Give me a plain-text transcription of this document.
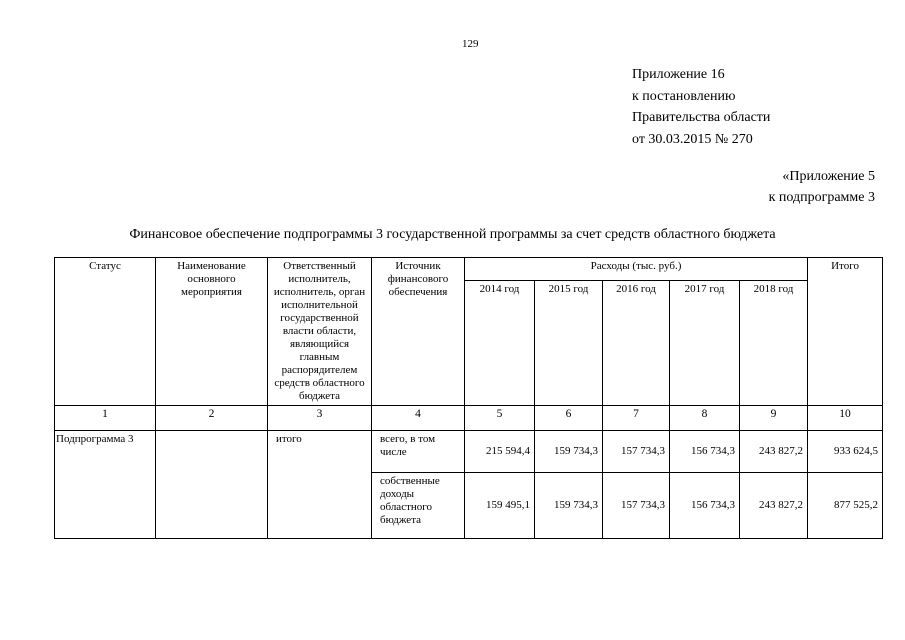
129
Приложение 16
к постановлению
Правительства области
от 30.03.2015 № 270
«Приложение 5
к подпрограмме 3
Финансовое обеспечение подпрограммы 3 государственной программы за счет средств областного бюджета
Статус	Наименование основного мероприятия	Ответственный исполнитель, исполнитель, орган исполнительной государственной власти области, являющийся главным распорядителем средств областного бюджета	Источник финансового обеспечения	Расходы (тыс. руб.)					Итого
				2014 год	2015 год	2016 год	2017 год	2018 год	
1	2	3	4	5	6	7	8	9	10
Подпрограмма 3		итого	всего, в том числе	215 594,4	159 734,3	157 734,3	156 734,3	243 827,2	933 624,5
			собственные доходы областного бюджета	159 495,1	159 734,3	157 734,3	156 734,3	243 827,2	877 525,2
